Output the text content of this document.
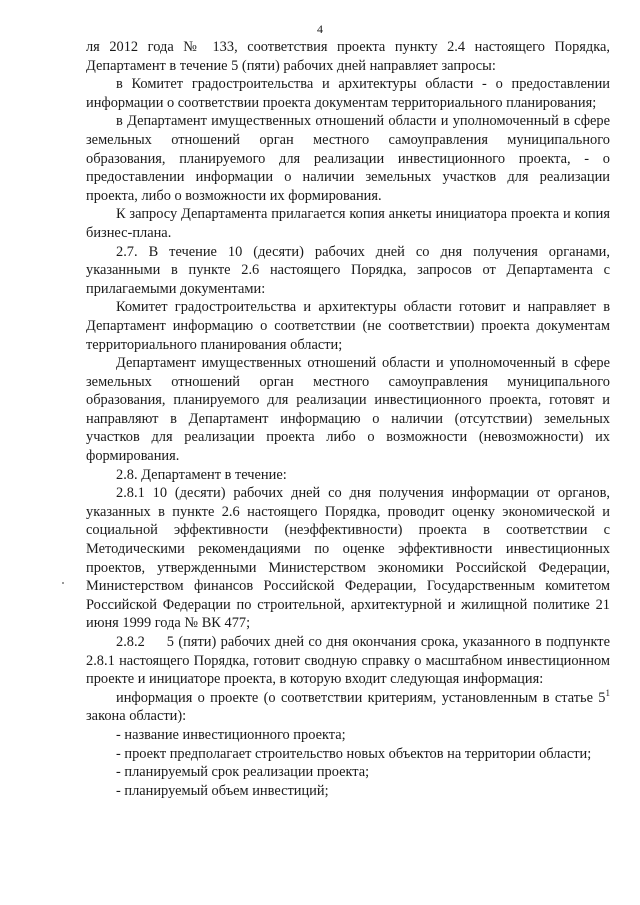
4

ля 2012 года № 133, соответствия проекта пункту 2.4 настоящего Порядка, Департамент в течение 5 (пяти) рабочих дней направляет запросы:

в Комитет градостроительства и архитектуры области - о предоставлении информации о соответствии проекта документам территориального планирования;

в Департамент имущественных отношений области и уполномоченный в сфере земельных отношений орган местного самоуправления муниципального образования, планируемого для реализации инвестиционного проекта, - о предоставлении информации о наличии земельных участков для реализации проекта, либо о возможности их формирования.

К запросу Департамента прилагается копия анкеты инициатора проекта и копия бизнес-плана.

2.7. В течение 10 (десяти) рабочих дней со дня получения органами, указанными в пункте 2.6 настоящего Порядка, запросов от Департамента с прилагаемыми документами:

Комитет градостроительства и архитектуры области готовит и направляет в Департамент информацию о соответствии (не соответствии) проекта документам территориального планирования области;

Департамент имущественных отношений области и уполномоченный в сфере земельных отношений орган местного самоуправления муниципального образования, планируемого для реализации инвестиционного проекта, готовят и направляют в Департамент информацию о наличии (отсутствии) земельных участков для реализации проекта либо о возможности (невозможности) их формирования.

2.8. Департамент в течение:

2.8.1 10 (десяти) рабочих дней со дня получения информации от органов, указанных в пункте 2.6 настоящего Порядка, проводит оценку экономической и социальной эффективности (неэффективности) проекта в соответствии с Методическими рекомендациями по оценке эффективности инвестиционных проектов, утвержденными Министерством экономики Российской Федерации, Министерством финансов Российской Федерации, Государственным комитетом Российской Федерации по строительной, архитектурной и жилищной политике 21 июня 1999 года № ВК 477;

2.8.2 5 (пяти) рабочих дней со дня окончания срока, указанного в подпункте 2.8.1 настоящего Порядка, готовит сводную справку о масштабном инвестиционном проекте и инициаторе проекта, в которую входит следующая информация:

информация о проекте (о соответствии критериям, установленным в статье $5^1$ закона области):

- название инвестиционного проекта;

- проект предполагает строительство новых объектов на территории области;

- планируемый срок реализации проекта;

- планируемый объем инвестиций;
